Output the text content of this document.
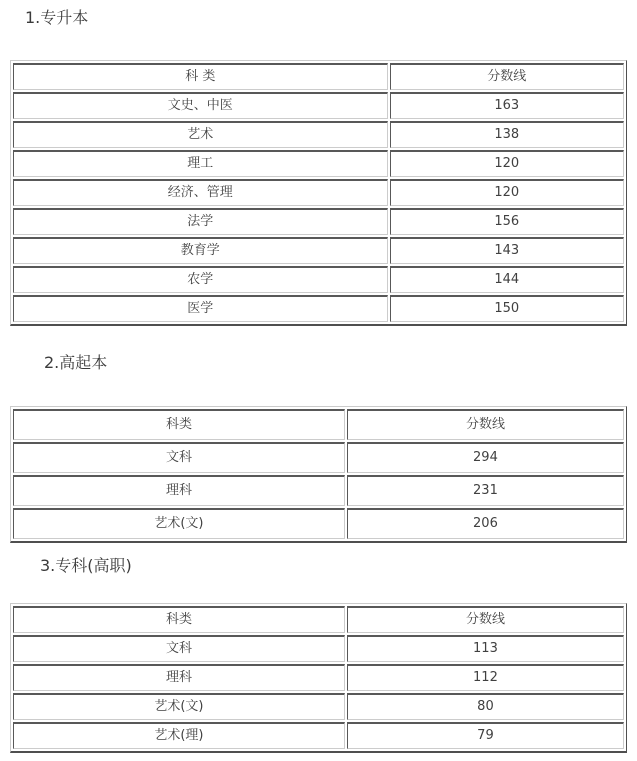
1.专升本
科 类	分数线
文史、中医	163
艺术	138
理工	120
经济、管理	120
法学	156
教育学	143
农学	144
医学	150
2.高起本
科类	分数线
文科	294
理科	231
艺术(文)	206
3.专科(高职)
科类	分数线
文科	113
理科	112
艺术(文)	80
艺术(理)	79
